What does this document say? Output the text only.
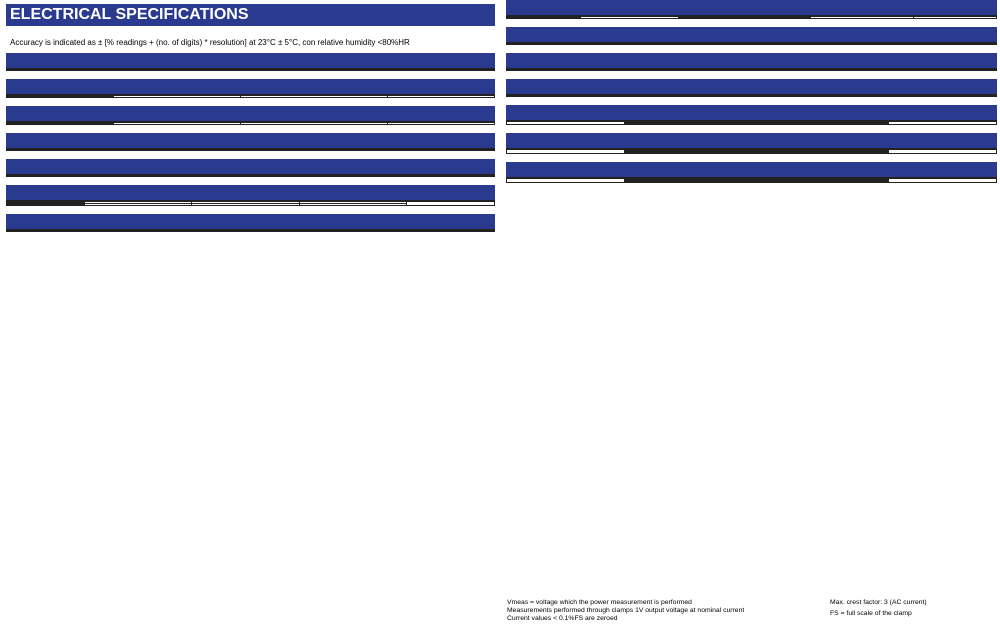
ELECTRICAL SPECIFICATIONS
Accuracy is indicated as ± [% readings + (no. of digits) * resolution] at 23°C ± 5°C, con relative humidity <80%HR

Vmeas = voltage which the power measurement is performed
Measurements performed through clamps 1V output voltage at nominal current
Current values < 0.1%FS are zeroed
Max. crest factor: 3 (AC current)
FS = full scale of the clamp
